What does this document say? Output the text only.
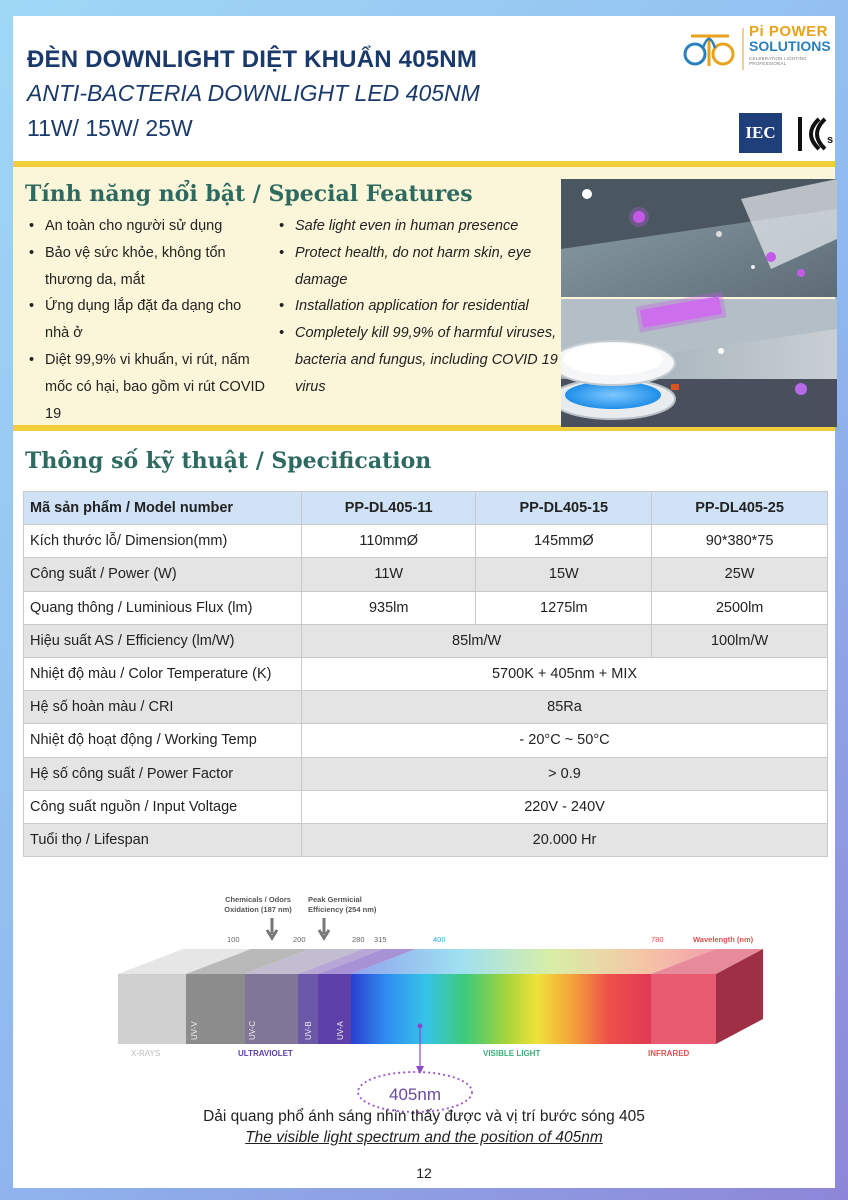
ĐÈN DOWNLIGHT DIỆT KHUẨN 405NM
ANTI-BACTERIA DOWNLIGHT LED 405NM
11W/ 15W/ 25W
Pi POWER
SOLUTIONS
CELEBRATION LIGHTING PROFESSIONAL
IEC	s
Tính năng nổi bật / Special Features
• An toàn cho người sử dụng
• Bảo vệ sức khỏe, không tổn thương da, mắt
• Ứng dụng lắp đặt đa dạng cho nhà ở
• Diệt 99,9% vi khuẩn, vi rút, nấm mốc có hại, bao gồm vi rút COVID 19
• Safe light even in human presence
• Protect health, do not harm skin, eye damage
• Installation application for residential
• Completely kill 99,9% of harmful viruses, bacteria and fungus, including COVID 19 virus
Thông số kỹ thuật / Specification
Mã sản phẩm / Model number	PP-DL405-11	PP-DL405-15	PP-DL405-25
Kích thước lỗ/ Dimension(mm)	110mmØ	145mmØ	90*380*75
Công suất / Power (W)	11W	15W	25W
Quang thông / Luminious Flux (lm)	935lm	1275lm	2500lm
Hiệu suất AS / Efficiency (lm/W)	85lm/W		100lm/W
Nhiệt độ màu / Color Temperature (K)	5700K + 405nm + MIX		
Hệ số hoàn màu / CRI	85Ra		
Nhiệt độ hoạt động / Working Temp	- 20°C ~ 50°C		
Hệ số công suất / Power Factor	> 0.9		
Công suất nguồn / Input Voltage	220V - 240V		
Tuổi thọ / Lifespan	20.000 Hr		
Chemicals / Odors
Oxidation (187 nm)
Peak Germicial
Efficiency (254 nm)
100	200	280 315	400	780	Wavelength (nm)
UV-V	UV-C	UV-B	UV-A
X-RAYS	ULTRAVIOLET	VISIBLE LIGHT	INFRARED
405nm
Dải quang phổ ánh sáng nhìn thấy được và vị trí bước sóng 405
The visible light spectrum and the position of 405nm
12
